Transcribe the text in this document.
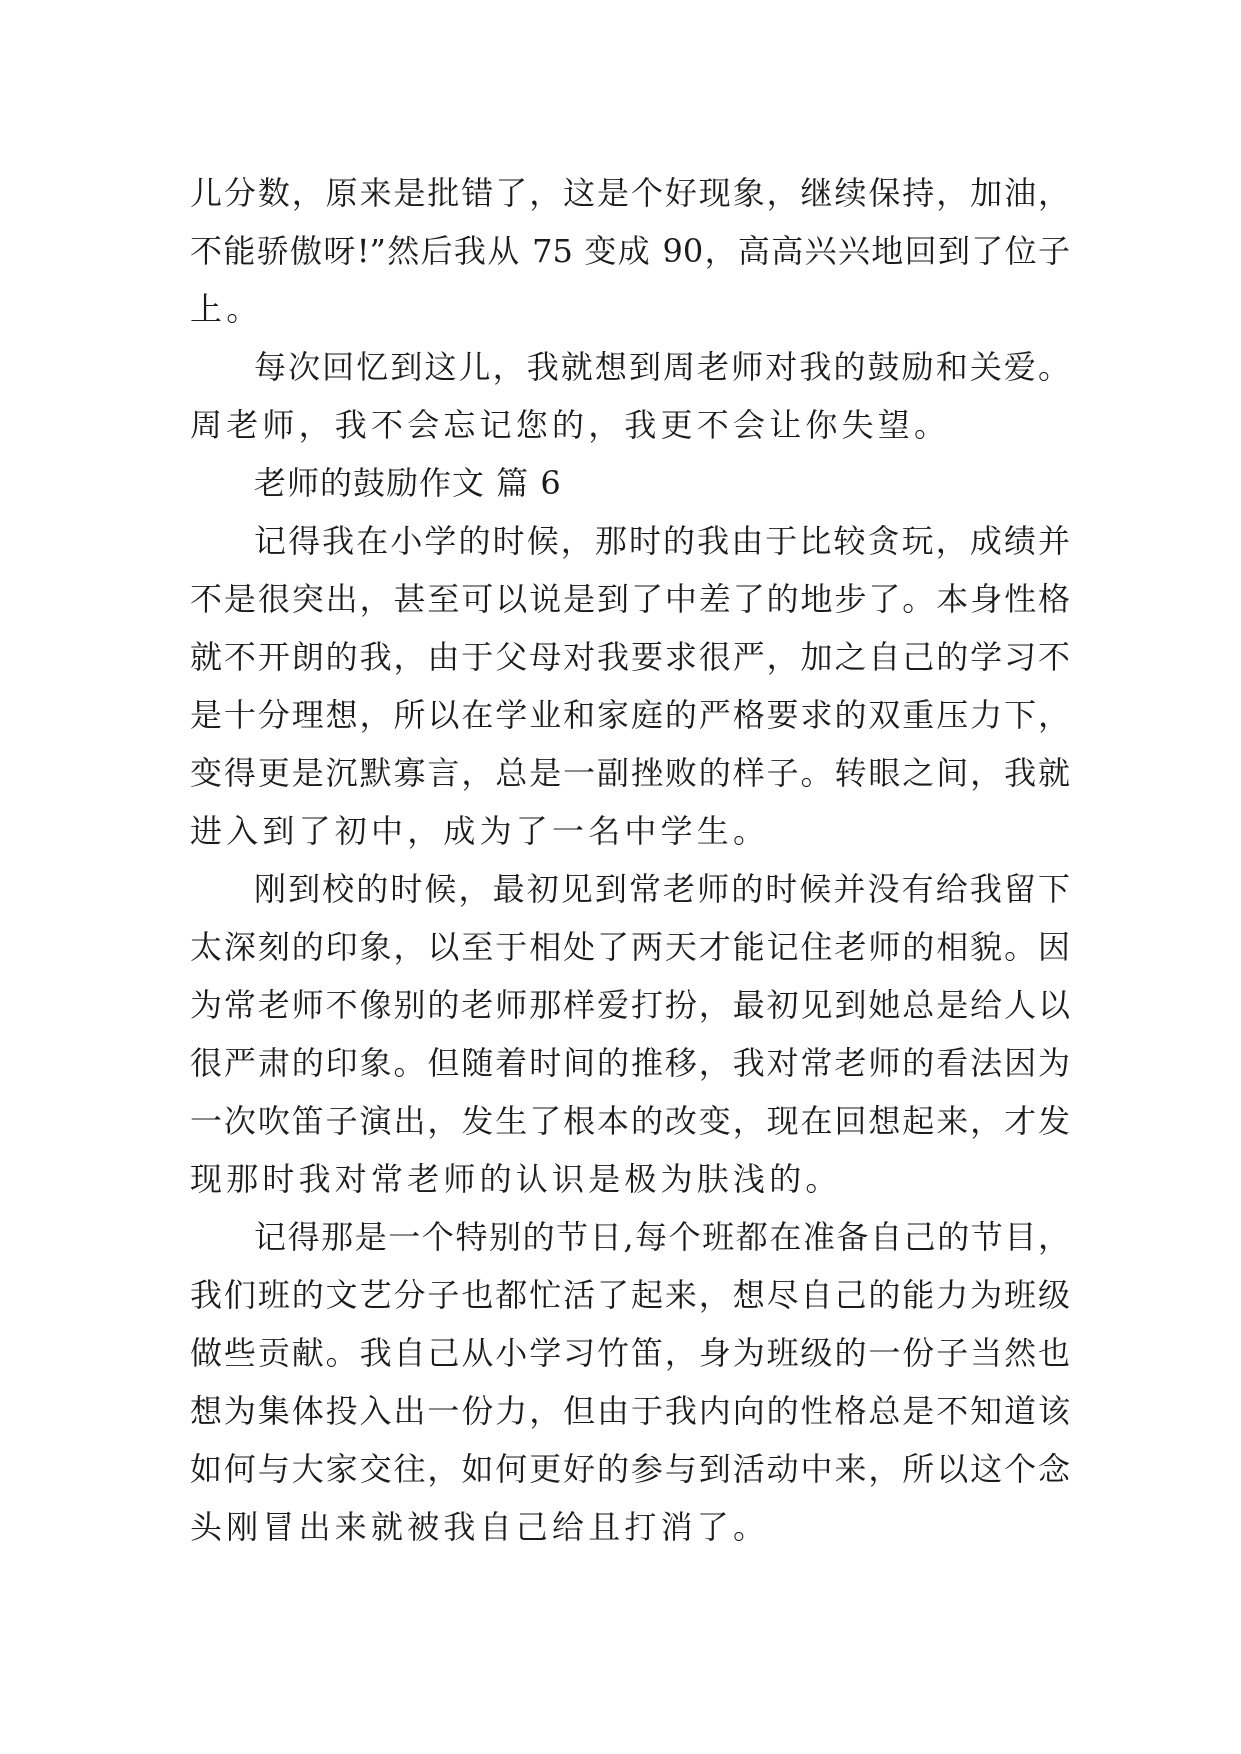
儿分数，原来是批错了，这是个好现象，继续保持，加油，
不能骄傲呀!”然后我从 75 变成 90，高高兴兴地回到了位子
上。
每次回忆到这儿，我就想到周老师对我的鼓励和关爱。
周老师，我不会忘记您的，我更不会让你失望。
老师的鼓励作文 篇 6
记得我在小学的时候，那时的我由于比较贪玩，成绩并
不是很突出，甚至可以说是到了中差了的地步了。本身性格
就不开朗的我，由于父母对我要求很严，加之自己的学习不
是十分理想，所以在学业和家庭的严格要求的双重压力下，
变得更是沉默寡言，总是一副挫败的样子。转眼之间，我就
进入到了初中，成为了一名中学生。
刚到校的时候，最初见到常老师的时候并没有给我留下
太深刻的印象，以至于相处了两天才能记住老师的相貌。因
为常老师不像别的老师那样爱打扮，最初见到她总是给人以
很严肃的印象。但随着时间的推移，我对常老师的看法因为
一次吹笛子演出，发生了根本的改变，现在回想起来，才发
现那时我对常老师的认识是极为肤浅的。
记得那是一个特别的节日,每个班都在准备自己的节目，
我们班的文艺分子也都忙活了起来，想尽自己的能力为班级
做些贡献。我自己从小学习竹笛，身为班级的一份子当然也
想为集体投入出一份力，但由于我内向的性格总是不知道该
如何与大家交往，如何更好的参与到活动中来，所以这个念
头刚冒出来就被我自己给且打消了。
